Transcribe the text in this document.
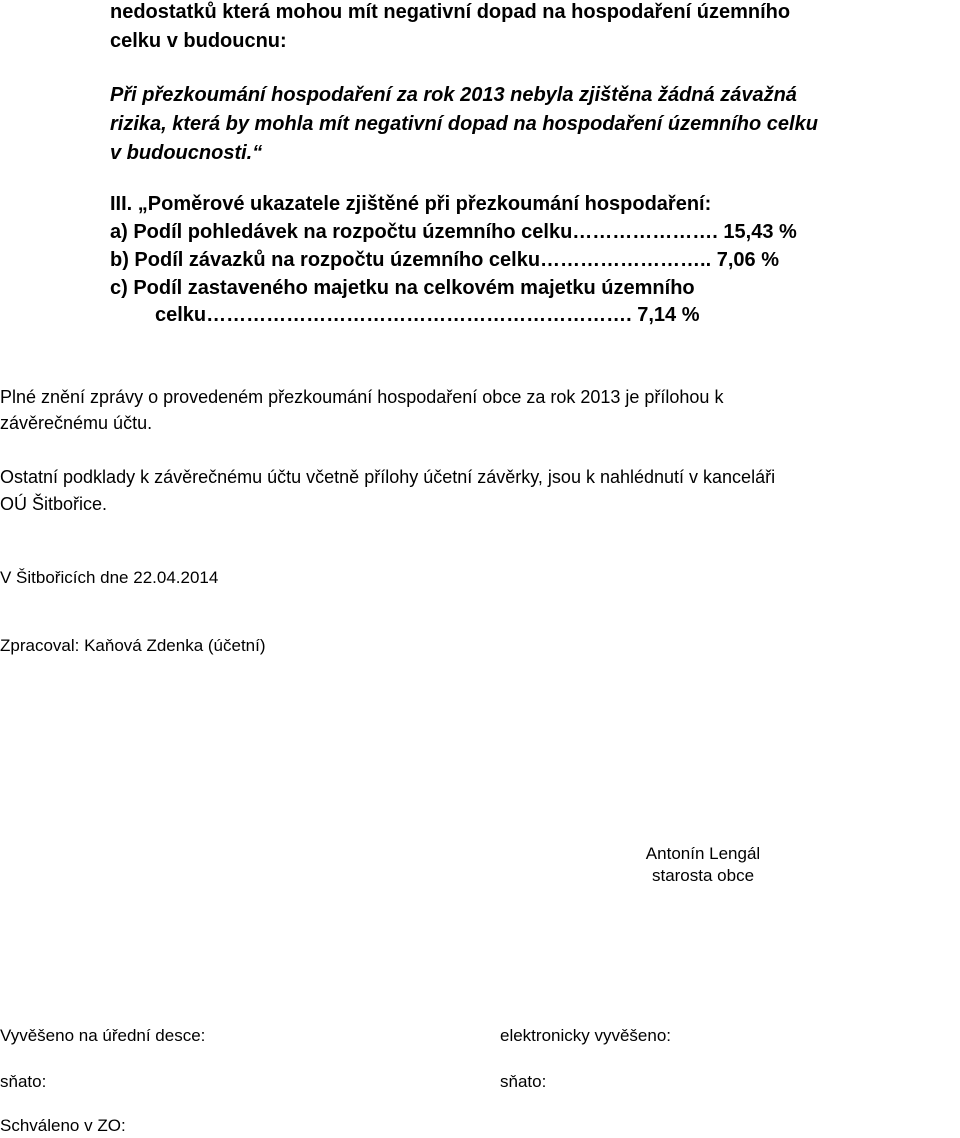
nedostatků která mohou mít negativní dopad na hospodaření územního
celku v budoucnu:
Při přezkoumání hospodaření za rok 2013 nebyla zjištěna žádná závažná
rizika, která by mohla mít negativní dopad na hospodaření územního celku
v budoucnosti.“
III. „Poměrové ukazatele zjištěné při přezkoumání hospodaření:
a) Podíl pohledávek na rozpočtu územního celku…………………. 15,43 %
b) Podíl závazků na rozpočtu územního celku…………………….. 7,06 %
c) Podíl zastaveného majetku na celkovém majetku územního
celku………………………………………………………. 7,14 %
Plné znění zprávy o provedeném přezkoumání hospodaření obce za rok 2013 je přílohou k
závěrečnému účtu.
Ostatní podklady k závěrečnému účtu včetně přílohy účetní závěrky, jsou k nahlédnutí v kanceláři
OÚ Šitbořice.
V Šitbořicích dne 22.04.2014
Zpracoval: Kaňová Zdenka (účetní)
Antonín Lengál
starosta obce
Vyvěšeno na úřední desce:	elektronicky vyvěšeno:
sňato:	sňato:
Schváleno v ZO:
